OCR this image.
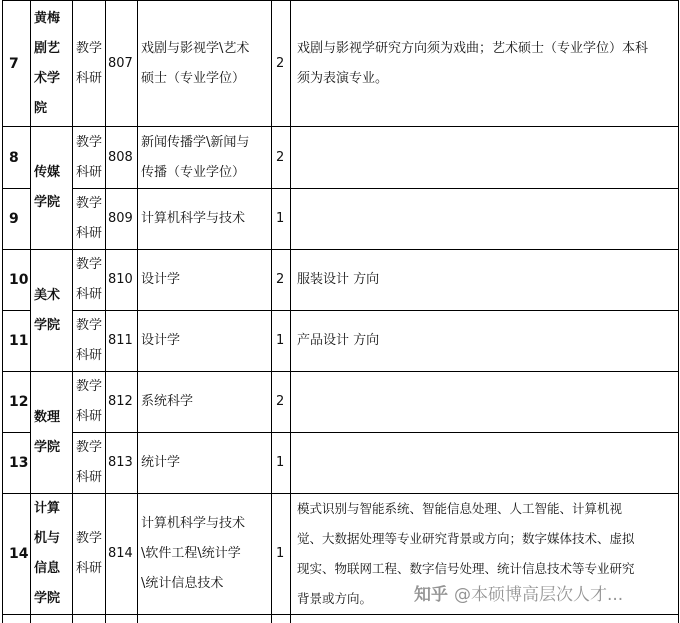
7	黄梅
剧艺
术学
院	教学
科研	807	戏剧与影视学\艺术
硕士（专业学位）	2	戏剧与影视学研究方向须为戏曲；艺术硕士（专业学位）本科
须为表演专业。
8	传媒
学院	教学
科研	808	新闻传播学\新闻与
传播（专业学位）	2	
9		教学
科研	809	计算机科学与技术	1	
10	美术
学院	教学
科研	810	设计学	2	服装设计 方向
11		教学
科研	811	设计学	1	产品设计 方向
12	数理
学院	教学
科研	812	系统科学	2	
13		教学
科研	813	统计学	1	
14	计算
机与
信息
学院	教学
科研	814	计算机科学与技术
\软件工程\统计学
\统计信息技术	1	模式识别与智能系统、智能信息处理、人工智能、计算机视
觉、大数据处理等专业研究背景或方向；数字媒体技术、虚拟
现实、物联网工程、数字信号处理、统计信息技术等专业研究
背景或方向。
						知乎 @本硕博高层次人才...
